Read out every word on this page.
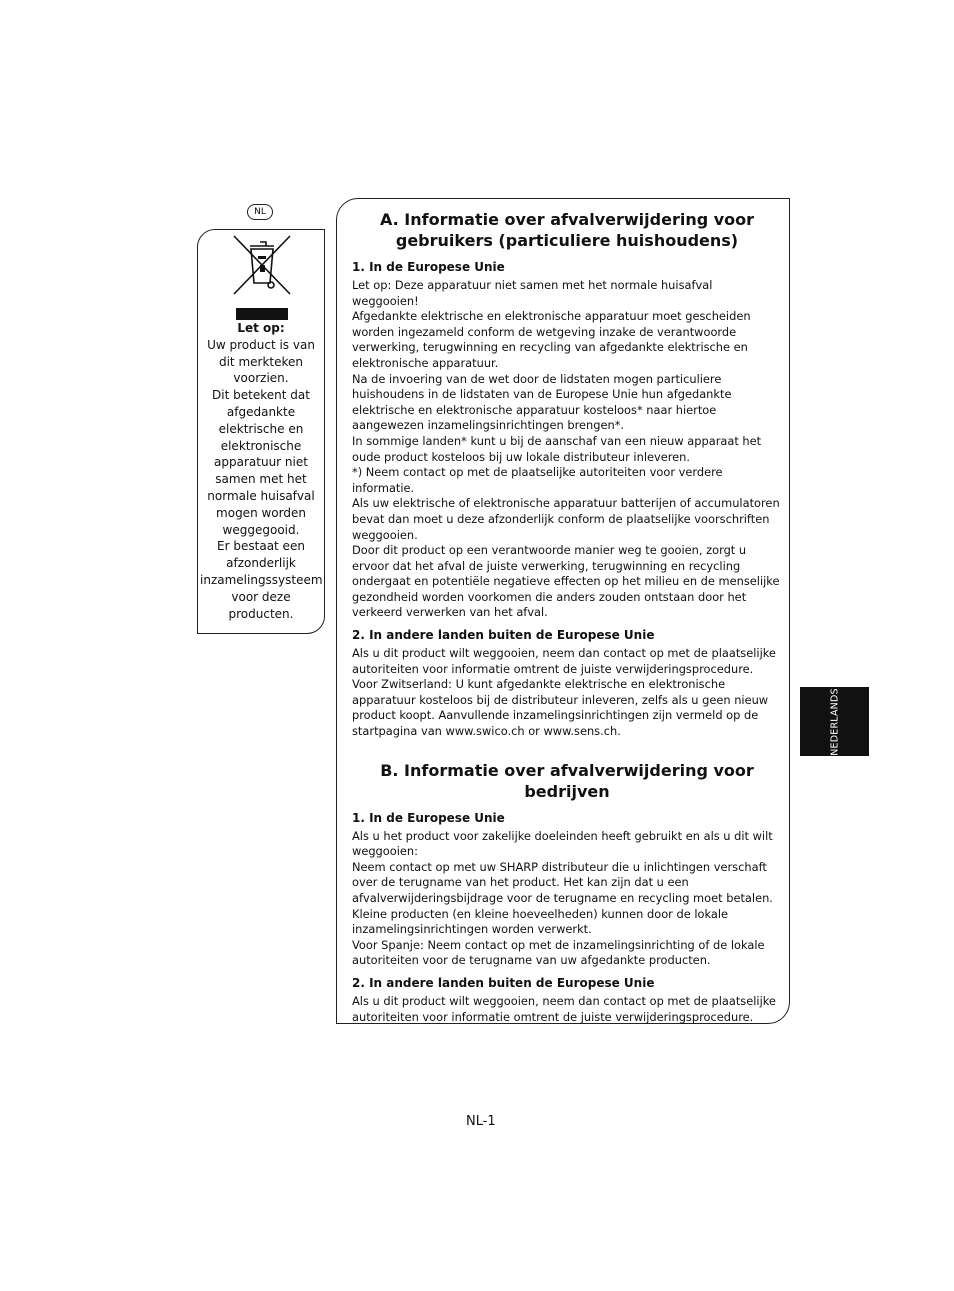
NL
Let op:
Uw product is van
dit merkteken
voorzien.
Dit betekent dat
afgedankte
elektrische en
elektronische
apparatuur niet
samen met het
normale huisafval
mogen worden
weggegooid.
Er bestaat een
afzonderlijk
inzamelingssysteem
voor deze
producten.
A. Informatie over afvalverwijdering voor gebruikers (particuliere huishoudens)
1. In de Europese Unie

Let op: Deze apparatuur niet samen met het normale huisafval weggooien!

Afgedankte elektrische en elektronische apparatuur moet gescheiden worden ingezameld conform de wetgeving inzake de verantwoorde verwerking, terugwinning en recycling van afgedankte elektrische en elektronische apparatuur.

Na de invoering van de wet door de lidstaten mogen particuliere huishoudens in de lidstaten van de Europese Unie hun afgedankte elektrische en elektronische apparatuur kosteloos* naar hiertoe aangewezen inzamelingsinrichtingen brengen*.

In sommige landen* kunt u bij de aanschaf van een nieuw apparaat het oude product kosteloos bij uw lokale distributeur inleveren.

*) Neem contact op met de plaatselijke autoriteiten voor verdere informatie.

Als uw elektrische of elektronische apparatuur batterijen of accumulatoren bevat dan moet u deze afzonderlijk conform de plaatselijke voorschriften weggooien.

Door dit product op een verantwoorde manier weg te gooien, zorgt u ervoor dat het afval de juiste verwerking, terugwinning en recycling ondergaat en potentiële negatieve effecten op het milieu en de menselijke gezondheid worden voorkomen die anders zouden ontstaan door het verkeerd verwerken van het afval.

2. In andere landen buiten de Europese Unie

Als u dit product wilt weggooien, neem dan contact op met de plaatselijke autoriteiten voor informatie omtrent de juiste verwijderingsprocedure.

Voor Zwitserland: U kunt afgedankte elektrische en elektronische apparatuur kosteloos bij de distributeur inleveren, zelfs als u geen nieuw product koopt. Aanvullende inzamelingsinrichtingen zijn vermeld op de startpagina van www.swico.ch or www.sens.ch.

B. Informatie over afvalverwijdering voor bedrijven
1. In de Europese Unie

Als u het product voor zakelijke doeleinden heeft gebruikt en als u dit wilt weggooien:

Neem contact op met uw SHARP distributeur die u inlichtingen verschaft over de terugname van het product. Het kan zijn dat u een afvalverwijderingsbijdrage voor de terugname en recycling moet betalen. Kleine producten (en kleine hoeveelheden) kunnen door de lokale inzamelingsinrichtingen worden verwerkt.

Voor Spanje: Neem contact op met de inzamelingsinrichting of de lokale autoriteiten voor de terugname van uw afgedankte producten.

2. In andere landen buiten de Europese Unie

Als u dit product wilt weggooien, neem dan contact op met de plaatselijke autoriteiten voor informatie omtrent de juiste verwijderingsprocedure.

NEDERLANDS
NL-1
